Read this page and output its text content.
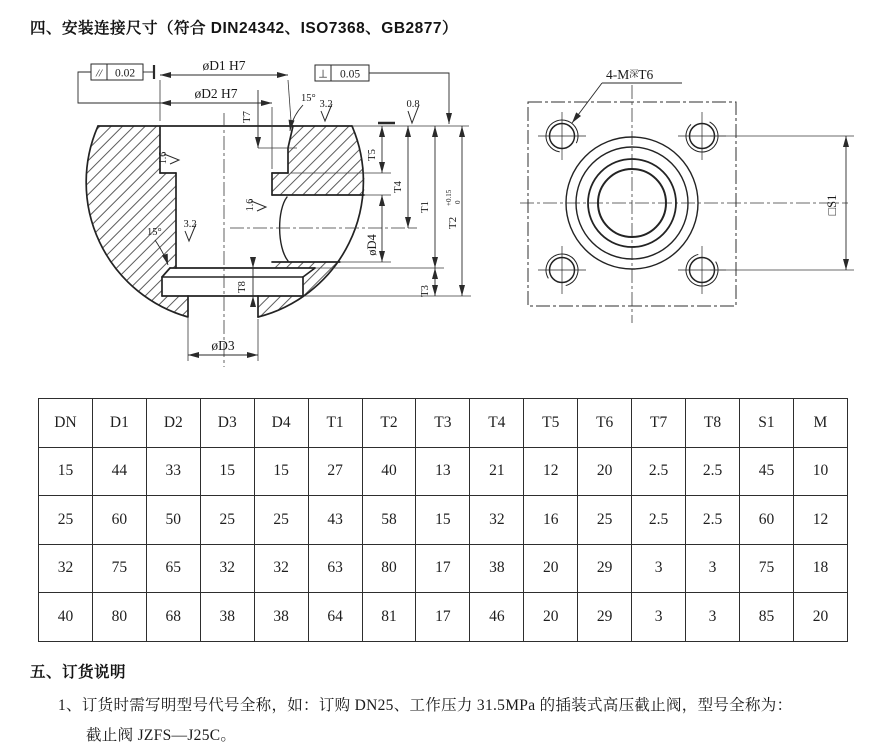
四、安装连接尺寸（符合 DIN24342、ISO7368、GB2877）
øD1 H7
øD2 H7
// 0.02	⊥ 0.05
15°
3.2	0.8
1.6
1.6
T7
15°
3.2
T8
øD3
T5
øD4
T4
T1
T3
T2
+0.15 0
4-M深T6
□S1
DN	D1	D2	D3	D4	T1	T2	T3	T4	T5	T6	T7	T8	S1	M
15	44	33	15	15	27	40	13	21	12	20	2.5	2.5	45	10
25	60	50	25	25	43	58	15	32	16	25	2.5	2.5	60	12
32	75	65	32	32	63	80	17	38	20	29	3	3	75	18
40	80	68	38	38	64	81	17	46	20	29	3	3	85	20
五、订货说明
1、订货时需写明型号代号全称，如：订购 DN25、工作压力 31.5MPa 的插装式高压截止阀，型号全称为：
截止阀 JZFS—J25C。
